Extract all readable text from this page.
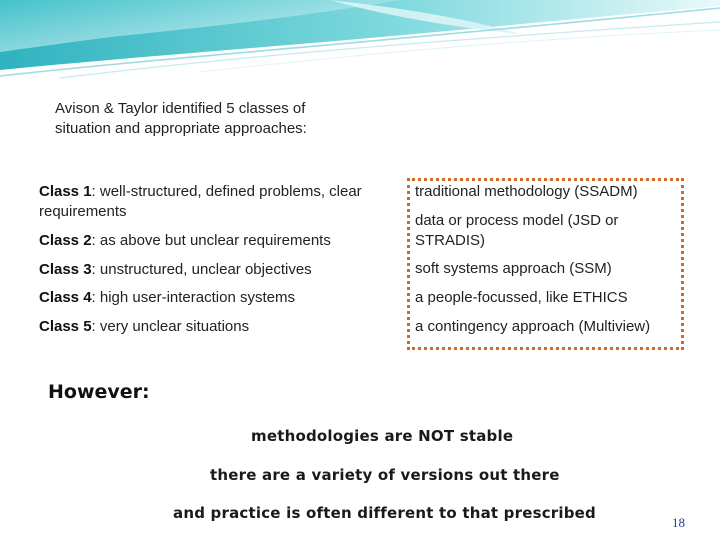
Avison & Taylor identified 5 classes of situation and appropriate approaches:
Class 1: well-structured, defined problems, clear requirements
Class 2: as above but unclear requirements
Class 3: unstructured, unclear objectives
Class 4: high user-interaction systems
Class 5: very unclear situations
traditional methodology (SSADM)
data or process model (JSD or STRADIS)
soft systems approach (SSM)
a people-focussed, like ETHICS
a contingency approach (Multiview)
However:
methodologies are NOT stable
there are a variety of versions out there
and practice is often different to that prescribed
18
